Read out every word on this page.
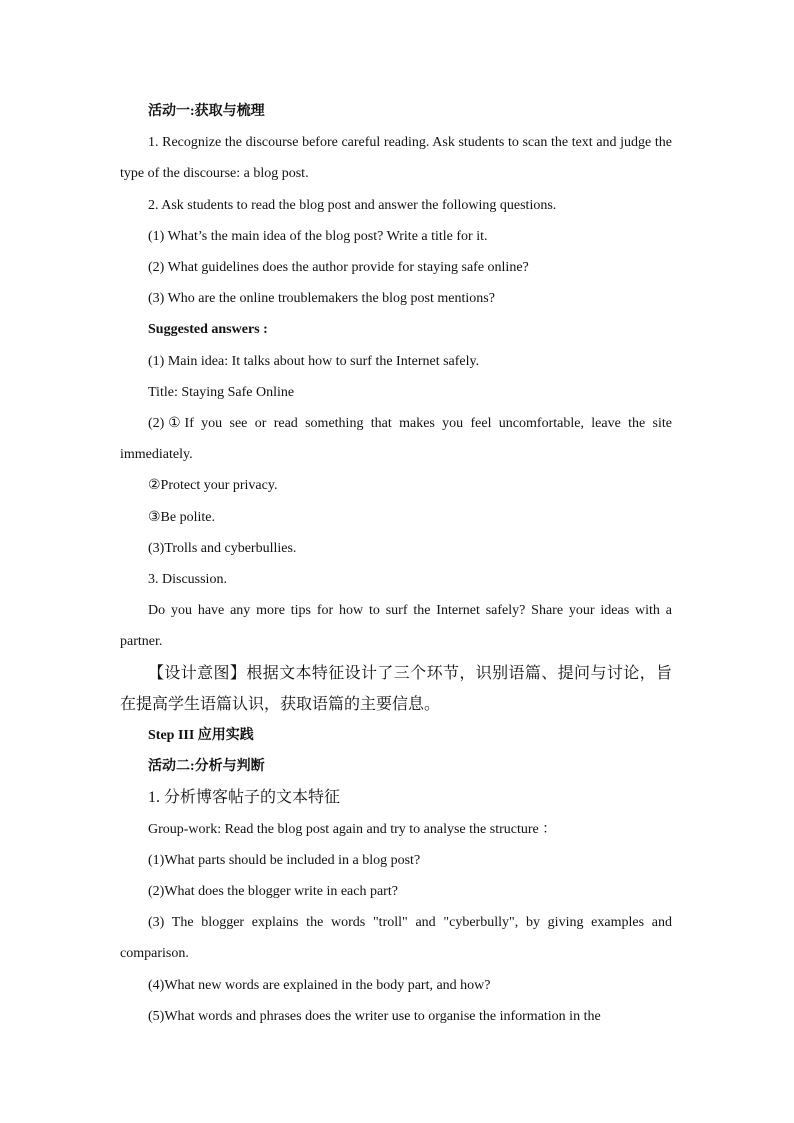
活动一:获取与梳理

1. Recognize the discourse before careful reading. Ask students to scan the text and judge the type of the discourse: a blog post.

2. Ask students to read the blog post and answer the following questions.

(1) What’s the main idea of the blog post? Write a title for it.

(2) What guidelines does the author provide for staying safe online?

(3) Who are the online troublemakers the blog post mentions?

Suggested answers :

(1) Main idea: It talks about how to surf the Internet safely.

Title: Staying Safe Online

(2)①If you see or read something that makes you feel uncomfortable, leave the site immediately.

②Protect your privacy.

③Be polite.

(3)Trolls and cyberbullies.

3. Discussion.

Do you have any more tips for how to surf the Internet safely? Share your ideas with a partner.

【设计意图】根据文本特征设计了三个环节，识别语篇、提问与讨论，旨在提高学生语篇认识，获取语篇的主要信息。

Step III 应用实践

活动二:分析与判断

1. 分析博客帖子的文本特征

Group-work: Read the blog post again and try to analyse the structure ：

(1)What parts should be included in a blog post?

(2)What does the blogger write in each part?

(3) The blogger explains the words "troll" and "cyberbully", by giving examples and comparison.

(4)What new words are explained in the body part, and how?

(5)What words and phrases does the writer use to organise the information in the
